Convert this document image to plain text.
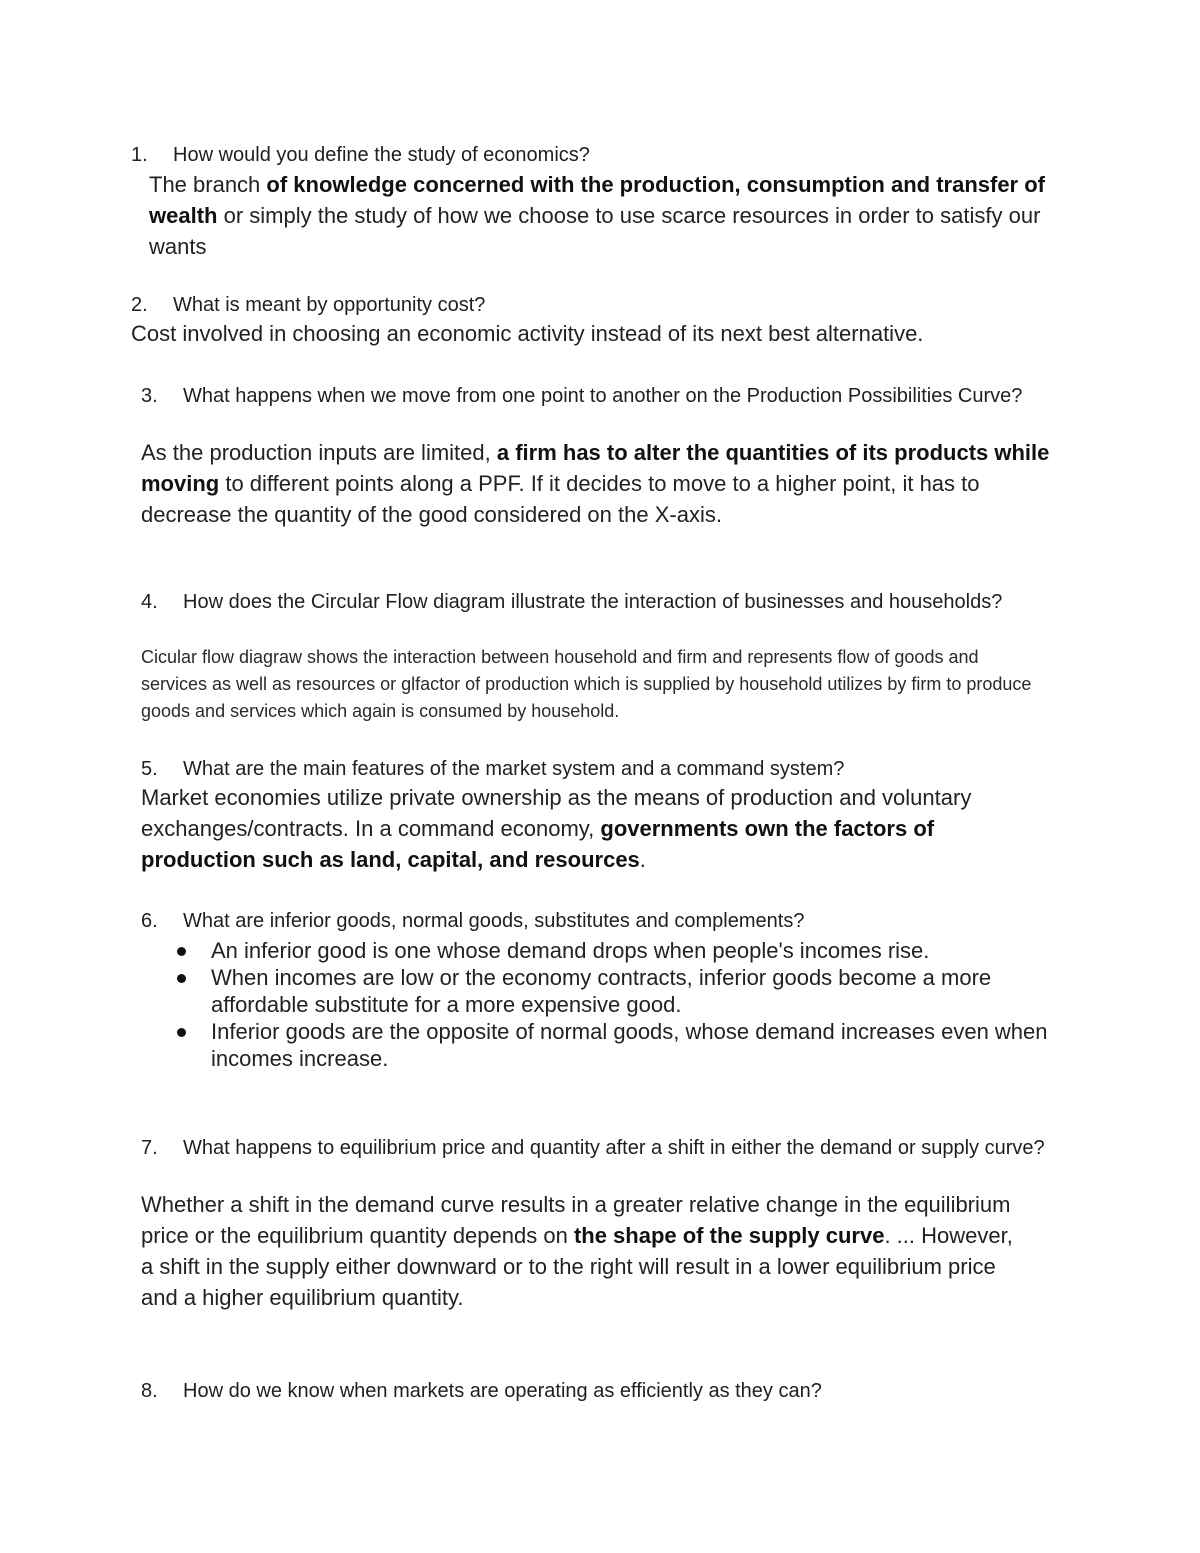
1. How would you define the study of economics?
The branch of knowledge concerned with the production, consumption and transfer of wealth or simply the study of how we choose to use scarce resources in order to satisfy our wants
2. What is meant by opportunity cost?
Cost involved in choosing an economic activity instead of its next best alternative.
3. What happens when we move from one point to another on the Production Possibilities Curve?
As the production inputs are limited, a firm has to alter the quantities of its products while moving to different points along a PPF. If it decides to move to a higher point, it has to decrease the quantity of the good considered on the X-axis.
4. How does the Circular Flow diagram illustrate the interaction of businesses and households?
Cicular flow diagraw shows the interaction between household and firm and represents flow of goods and services as well as resources or glfactor of production which is supplied by household utilizes by firm to produce goods and services which again is consumed by household.
5. What are the main features of the market system and a command system?
Market economies utilize private ownership as the means of production and voluntary exchanges/contracts. In a command economy, governments own the factors of production such as land, capital, and resources.
6. What are inferior goods, normal goods, substitutes and complements?
An inferior good is one whose demand drops when people's incomes rise.
When incomes are low or the economy contracts, inferior goods become a more affordable substitute for a more expensive good.
Inferior goods are the opposite of normal goods, whose demand increases even when incomes increase.
7. What happens to equilibrium price and quantity after a shift in either the demand or supply curve?
Whether a shift in the demand curve results in a greater relative change in the equilibrium price or the equilibrium quantity depends on the shape of the supply curve. ... However, a shift in the supply either downward or to the right will result in a lower equilibrium price and a higher equilibrium quantity.
8. How do we know when markets are operating as efficiently as they can?
